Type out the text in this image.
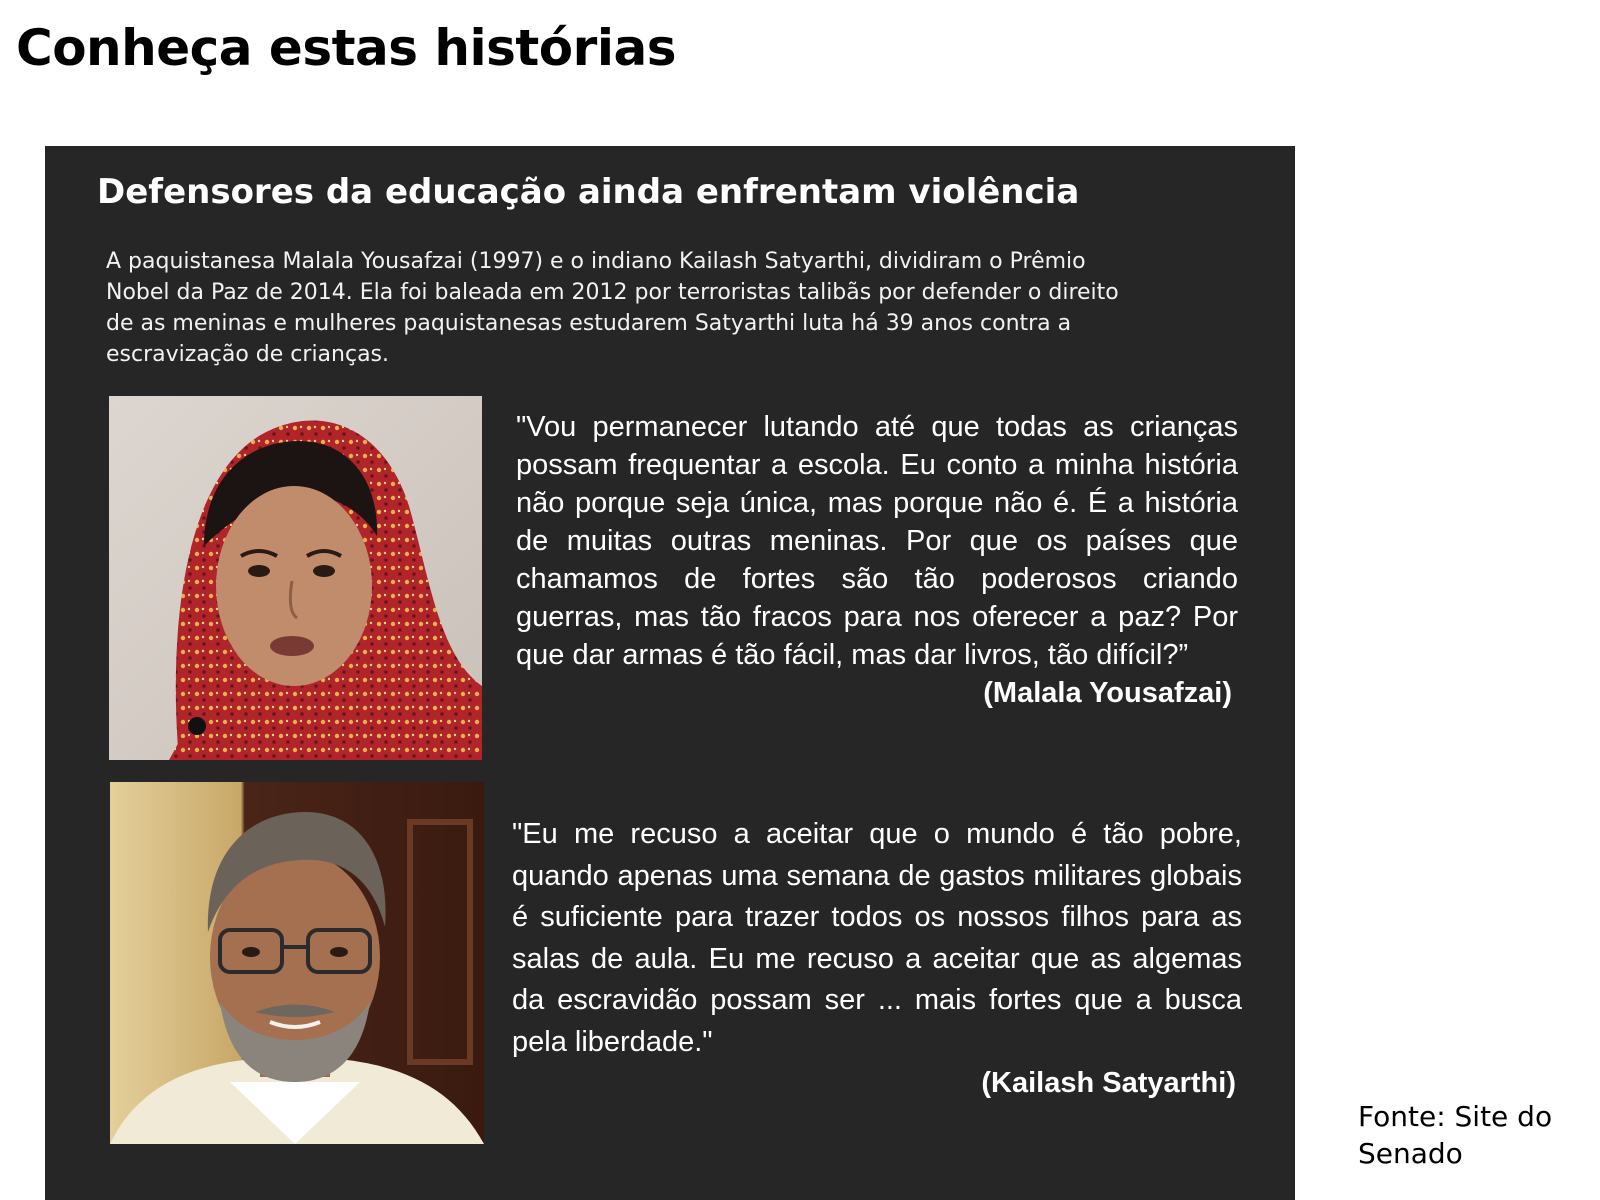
Conheça estas histórias
Defensores da educação ainda enfrentam violência

A paquistanesa Malala Yousafzai (1997) e o indiano Kailash Satyarthi, dividiram o Prêmio Nobel da Paz de 2014. Ela foi baleada em 2012 por terroristas talibãs por defender o direito de as meninas e mulheres paquistanesas estudarem Satyarthi luta há 39 anos contra a escravização de crianças.

"Vou permanecer lutando até que todas as crianças possam frequentar a escola. Eu conto a minha história não porque seja única, mas porque não é. É a história de muitas outras meninas. Por que os países que chamamos de fortes são tão poderosos criando guerras, mas tão fracos para nos oferecer a paz? Por que dar armas é tão fácil, mas dar livros, tão difícil?”

(Malala Yousafzai)

"Eu me recuso a aceitar que o mundo é tão pobre, quando apenas uma semana de gastos militares globais é suficiente para trazer todos os nossos filhos para as salas de aula. Eu me recuso a aceitar que as algemas da escravidão possam ser ... mais fortes que a busca pela liberdade."

(Kailash Satyarthi)

Fonte: Site do Senado
